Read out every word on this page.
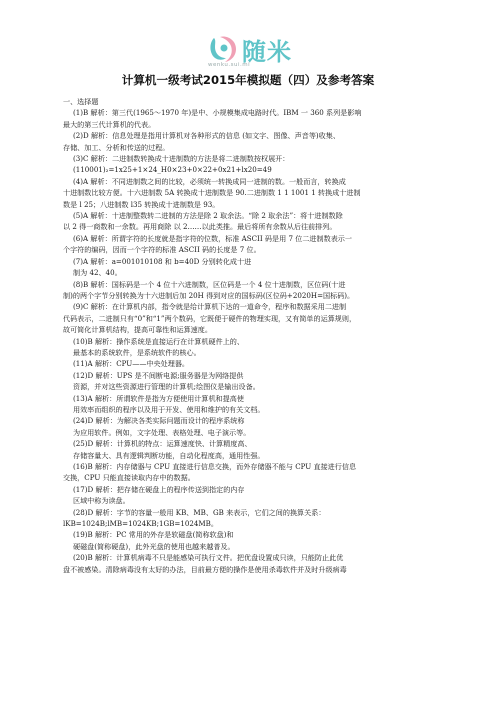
随米
wenku.sui.mi
计算机一级考试2015年模拟题（四）及参考答案
一、选择题
(1)B 解析：第三代(1965～1970 年)是中、小规模集成电路时代。IBM 一 360 系列是影响
最大的第三代计算机的代表。
(2)D 解析：信息处理是指用计算机对各种形式的信息 (如文字、图像、声音等)收集、
存储、加工、分析和传送的过程。
(3)C 解析：二进制数转换成十进制数的方法是将二进制数按权展开：
(110001)₂=1x25+1×24_H0×23+0×22+0x21+lx20=49
(4)A 解析：不同进制数之间的比较，必须统一转换成同一进制的数。一般而言，转换成
十进制数比较方便。十六进制数 5A 转换成十进制数是 90.二进制数 1 1 1001 1 转换成十进制
数是 l 25；八进制数 l35 转换成十进制数是 93。
(5)A 解析：十进制整数转二进制的方法是除 2 取余法。“除 2 取余法”：将十进制数除
以 2 得一商数和一余数。再用商除 以 2……以此类推。最后将所有余数从后往前排列。
(6)A 解析：所谓字符的长度就是指字符的位数，标准 ASCII 码是用 7 位二进制数表示一
个字符的编码，因而一个字符的标准 ASCII 码的长度是 7 位。
(7)A 解析：a=001010108 和 b=40D 分别转化成十进
制为 42、40。
(8)B 解析：国标码是一个 4 位十六进制数，区位码是一个 4 位十进制数，区位码(十进
制)的两个字节分别转换为十六进制后加 20H 得到对应的国标码(区位码+2020H=国标码)。
(9)C 解析：在计算机内部，指令就是给计算机下达的一道命令，程序和数据采用二进制
代码表示，二进制只有“0”和“1”两个数码，它既便于硬件的物理实现，又有简单的运算规则，
故可简化计算机结构，提高可靠性和运算速度。
(10)B 解析：操作系统是直接运行在计算机硬件上的、
最基本的系统软件，是系统软件的核心。
(11)A 解析：CPU——中央处理器。
(12)D 解析：UPS 是不间断电源;服务器是为网络提供
资源，并对这些资源进行管理的计算机;绘图仪是输出设备。
(13)A 解析：所谓软件是指为方便使用计算机和提高使
用效率而组织的程序以及用于开发、使用和维护的有关文档。
(24)D 解析：为解决各类实际问题而设计的程序系统称
为应用软件。例如，文字处理、表格处理、电子演示等。
(25)D 解析：计算机的特点：运算速度快、计算精度高、
存储容量大、具有逻辑判断功能，自动化程度高，通用性强。
(16)B 解析：内存储器与 CPU 直接进行信息交换，而外存储器不能与 CPU 直接进行信息
交换，CPU 只能直接读取内存中的数据。
(17)D 解析：把存储在硬盘上的程序传送到指定的内存
区域中称为读盘。
(28)D 解析：字节的容量一般用 KB、MB、GB 来表示，它们之间的换算关系：
lKB=1024B;lMB=1024KB;1GB=1024MB。
(19)B 解析：PC 常用的外存是软磁盘(简称软盘)和
硬磁盘(简称硬盘)，此外光盘的使用也越来越普及。
(20)B 解析：计算机病毒不只是能感染可执行文件。把优盘设置成只读，只能防止此优
盘不被感染。清除病毒没有太好的办法，目前最方便的操作是使用杀毒软件并及时升级病毒
